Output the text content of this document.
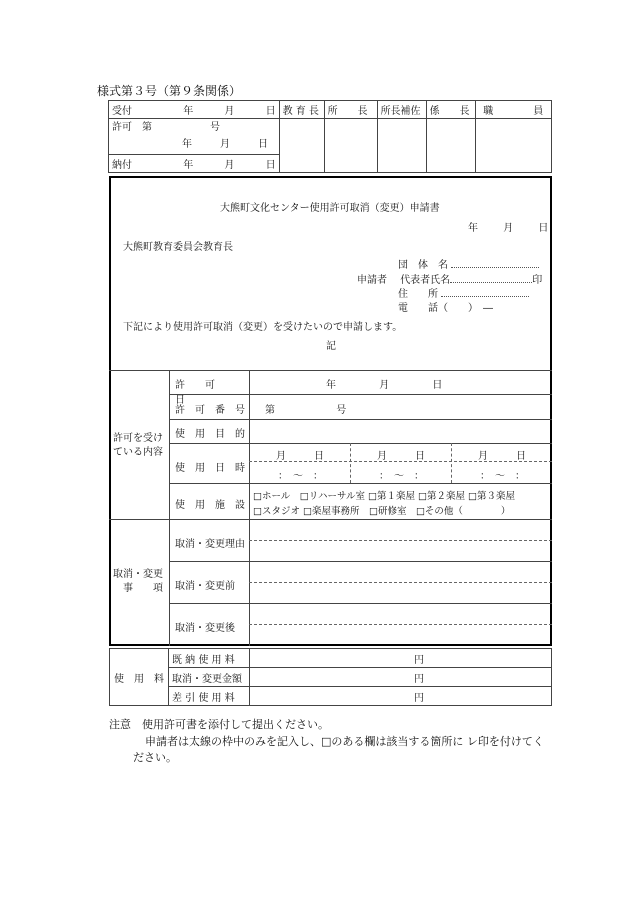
様式第３号（第９条関係）
受付 年 月 日	教 育 長	所　　長	所長補佐	係　　長	職　　　　員

許可　第 号
年 月 日					

納付 年 月 日					
大熊町文化センター使用許可取消（変更）申請書
年	月	日
大熊町教育委員会教育長
団　体　名
申請者 代表者氏名	印
住　　所
電　　話（　　）　―
下記により使用許可取消（変更）を受けたいので申請します。
記
許可を受け
ている内容
許　　可　　日
年	月	日
許　可　番　号 第	号
使　用　目　的
使　用　日　時
月	日	月	日	月	日
：　～　：	：　～　：	：　～　：
使　用　施　設
□ホール　□リハーサル室 □第１楽屋 □第２楽屋 □第３楽屋
□スタジオ □楽屋事務所　□研修室　□その他（　　　　）
取消・変更
事　　項
取消・変更理由
取消・変更前
取消・変更後
使　用　料	既 納 使 用 料	円
	取消・変更金額	円
	差 引 使 用 料	円
注意　使用許可書を添付して提出ください。
申請者は太線の枠中のみを記入し、□のある欄は該当する箇所に レ印を付けてく
ださい。
